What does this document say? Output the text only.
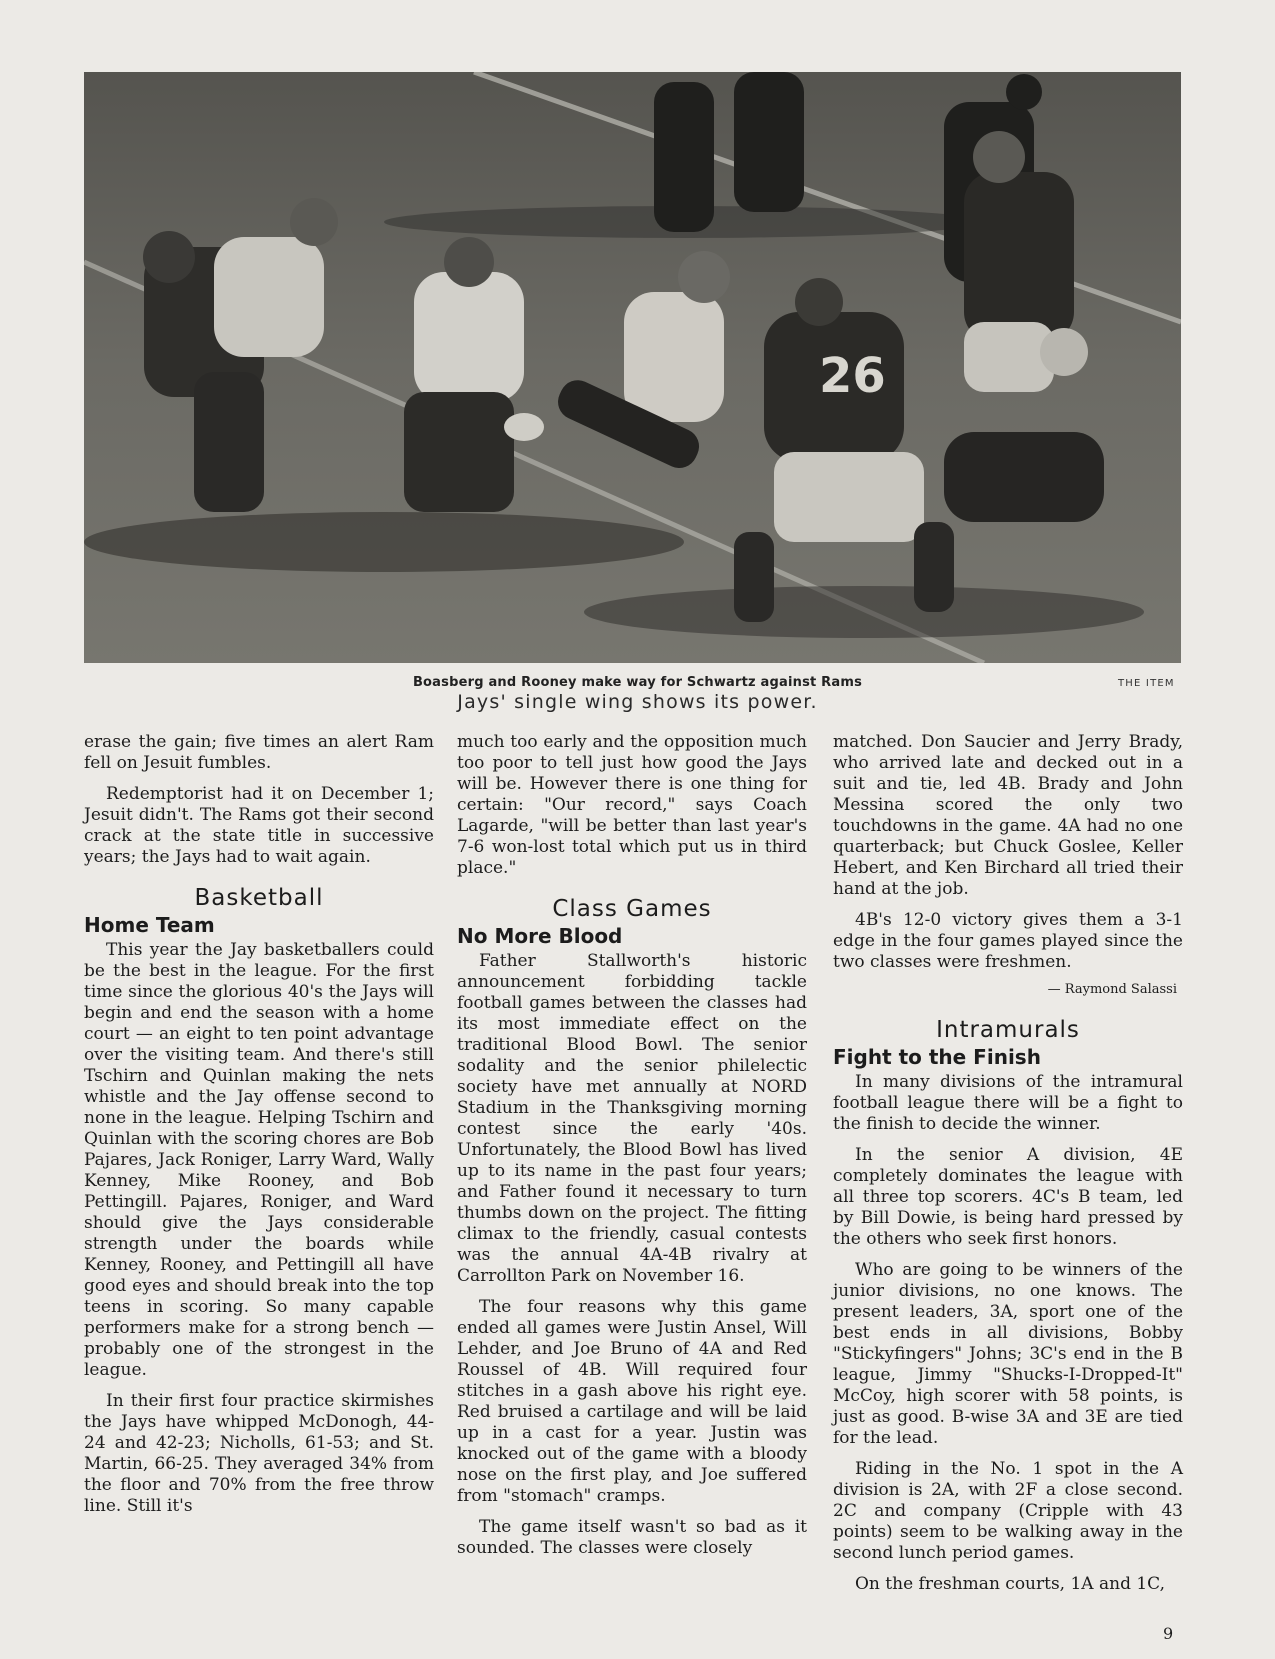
26
Boasberg and Rooney make way for Schwartz against Rams	THE ITEM
Jays' single wing shows its power.

erase the gain; five times an alert Ram fell on Jesuit fumbles.

Redemptorist had it on December 1; Jesuit didn't. The Rams got their second crack at the state title in successive years; the Jays had to wait again.

Basketball
Home Team

This year the Jay basketballers could be the best in the league. For the first time since the glorious 40's the Jays will begin and end the season with a home court — an eight to ten point advantage over the visiting team. And there's still Tschirn and Quinlan making the nets whistle and the Jay offense second to none in the league. Helping Tschirn and Quinlan with the scoring chores are Bob Pajares, Jack Roniger, Larry Ward, Wally Kenney, Mike Rooney, and Bob Pettingill. Pajares, Roniger, and Ward should give the Jays considerable strength under the boards while Kenney, Rooney, and Pettingill all have good eyes and should break into the top teens in scoring. So many capable performers make for a strong bench — probably one of the strongest in the league.

In their first four practice skirmishes the Jays have whipped McDonogh, 44-24 and 42-23; Nicholls, 61-53; and St. Martin, 66-25. They averaged 34% from the floor and 70% from the free throw line. Still it's

much too early and the opposition much too poor to tell just how good the Jays will be. However there is one thing for certain: "Our record," says Coach Lagarde, "will be better than last year's 7-6 won-lost total which put us in third place."

Class Games
No More Blood

Father Stallworth's historic announcement forbidding tackle football games between the classes had its most immediate effect on the traditional Blood Bowl. The senior sodality and the senior philelectic society have met annually at NORD Stadium in the Thanksgiving morning contest since the early '40s. Unfortunately, the Blood Bowl has lived up to its name in the past four years; and Father found it necessary to turn thumbs down on the project. The fitting climax to the friendly, casual contests was the annual 4A-4B rivalry at Carrollton Park on November 16.

The four reasons why this game ended all games were Justin Ansel, Will Lehder, and Joe Bruno of 4A and Red Roussel of 4B. Will required four stitches in a gash above his right eye. Red bruised a cartilage and will be laid up in a cast for a year. Justin was knocked out of the game with a bloody nose on the first play, and Joe suffered from "stomach" cramps.

The game itself wasn't so bad as it sounded. The classes were closely

matched. Don Saucier and Jerry Brady, who arrived late and decked out in a suit and tie, led 4B. Brady and John Messina scored the only two touchdowns in the game. 4A had no one quarterback; but Chuck Goslee, Keller Hebert, and Ken Birchard all tried their hand at the job.

4B's 12-0 victory gives them a 3-1 edge in the four games played since the two classes were freshmen.

— Raymond Salassi
Intramurals
Fight to the Finish

In many divisions of the intramural football league there will be a fight to the finish to decide the winner.

In the senior A division, 4E completely dominates the league with all three top scorers. 4C's B team, led by Bill Dowie, is being hard pressed by the others who seek first honors.

Who are going to be winners of the junior divisions, no one knows. The present leaders, 3A, sport one of the best ends in all divisions, Bobby "Stickyfingers" Johns; 3C's end in the B league, Jimmy "Shucks-I-Dropped-It" McCoy, high scorer with 58 points, is just as good. B-wise 3A and 3E are tied for the lead.

Riding in the No. 1 spot in the A division is 2A, with 2F a close second. 2C and company (Cripple with 43 points) seem to be walking away in the second lunch period games.

On the freshman courts, 1A and 1C,

9
